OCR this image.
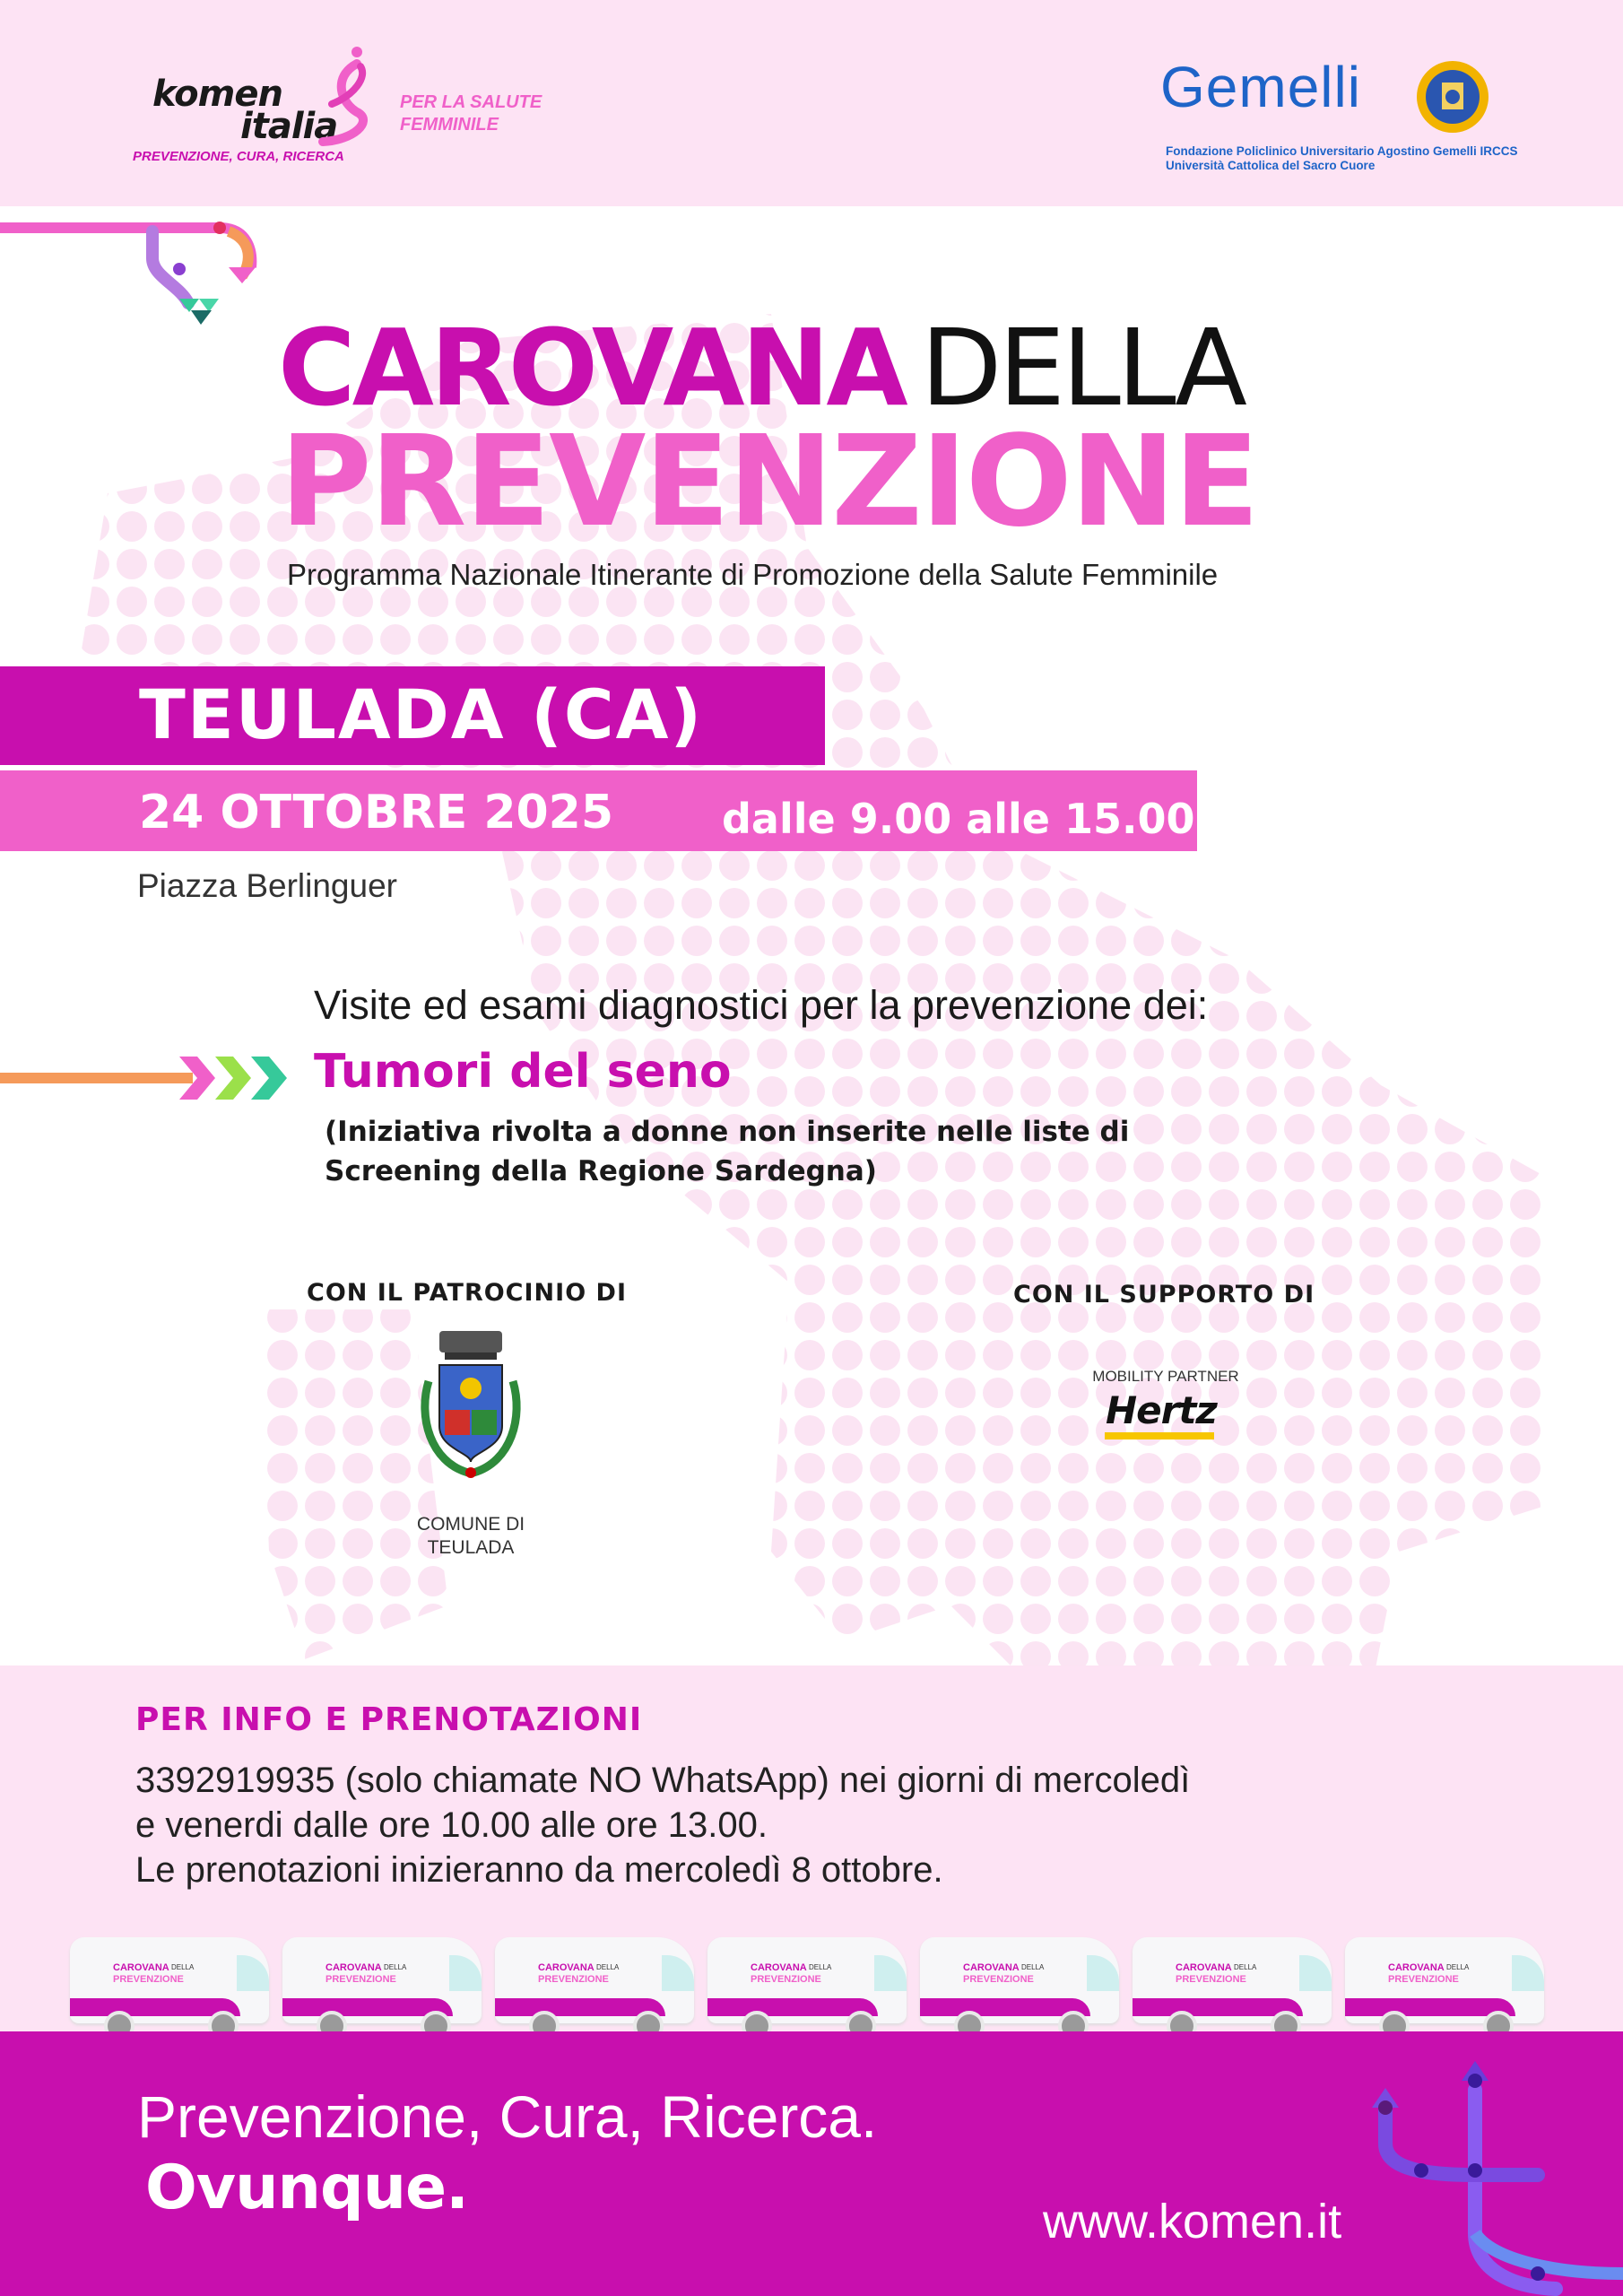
komen
italia
PREVENZIONE, CURA, RICERCA
PER LA SALUTE
FEMMINILE
Gemelli
Fondazione Policlinico Universitario Agostino Gemelli IRCCS
Università Cattolica del Sacro Cuore
CAROVANA DELLA
PREVENZIONE
Programma Nazionale Itinerante di Promozione della Salute Femminile
TEULADA (CA)
24 OTTOBRE 2025	dalle 9.00 alle 15.00
Piazza Berlinguer
Visite ed esami diagnostici per la prevenzione dei:
Tumori del seno
(Iniziativa rivolta a donne non inserite nelle liste di
Screening della Regione Sardegna)
CON IL PATROCINIO DI
COMUNE DI
TEULADA
CON IL SUPPORTO DI
MOBILITY PARTNER
Hertz
PER INFO E PRENOTAZIONI
3392919935 (solo chiamate NO WhatsApp) nei giorni di mercoledì
e venerdi dalle ore 10.00 alle ore 13.00.
Le prenotazioni inizieranno da mercoledì 8 ottobre.
CAROVANA DELLA
PREVENZIONE
CAROVANA DELLA
PREVENZIONE
CAROVANA DELLA
PREVENZIONE
CAROVANA DELLA
PREVENZIONE
CAROVANA DELLA
PREVENZIONE
CAROVANA DELLA
PREVENZIONE
CAROVANA DELLA
PREVENZIONE
Prevenzione, Cura, Ricerca.
Ovunque.	www.komen.it
